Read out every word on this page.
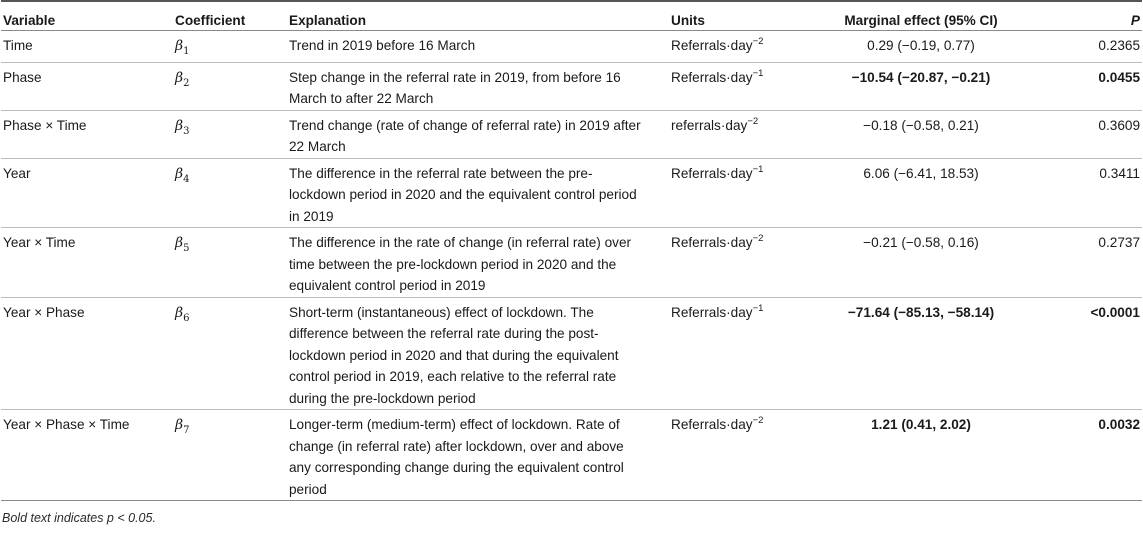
Variable	Coefficient	Explanation	Units	Marginal effect (95% CI)	P
Time	$\beta_1$	Trend in 2019 before 16 March	Referrals·day$^{-2}$	0.29 (−0.19, 0.77)	0.2365
Phase	$\beta_2$	Step change in the referral rate in 2019, from before 16 March to after 22 March	Referrals·day$^{-1}$	−10.54 (−20.87, −0.21)	0.0455
Phase × Time	$\beta_3$	Trend change (rate of change of referral rate) in 2019 after 22 March	referrals·day$^{-2}$	−0.18 (−0.58, 0.21)	0.3609
Year	$\beta_4$	The difference in the referral rate between the pre-lockdown period in 2020 and the equivalent control period in 2019	Referrals·day$^{-1}$	6.06 (−6.41, 18.53)	0.3411
Year × Time	$\beta_5$	The difference in the rate of change (in referral rate) over time between the pre-lockdown period in 2020 and the equivalent control period in 2019	Referrals·day$^{-2}$	−0.21 (−0.58, 0.16)	0.2737
Year × Phase	$\beta_6$	Short-term (instantaneous) effect of lockdown. The difference between the referral rate during the post-lockdown period in 2020 and that during the equivalent control period in 2019, each relative to the referral rate during the pre-lockdown period	Referrals·day$^{-1}$	−71.64 (−85.13, −58.14)	<0.0001
Year × Phase × Time	$\beta_7$	Longer-term (medium-term) effect of lockdown. Rate of change (in referral rate) after lockdown, over and above any corresponding change during the equivalent control period	Referrals·day$^{-2}$	1.21 (0.41, 2.02)	0.0032
Bold text indicates p < 0.05.
